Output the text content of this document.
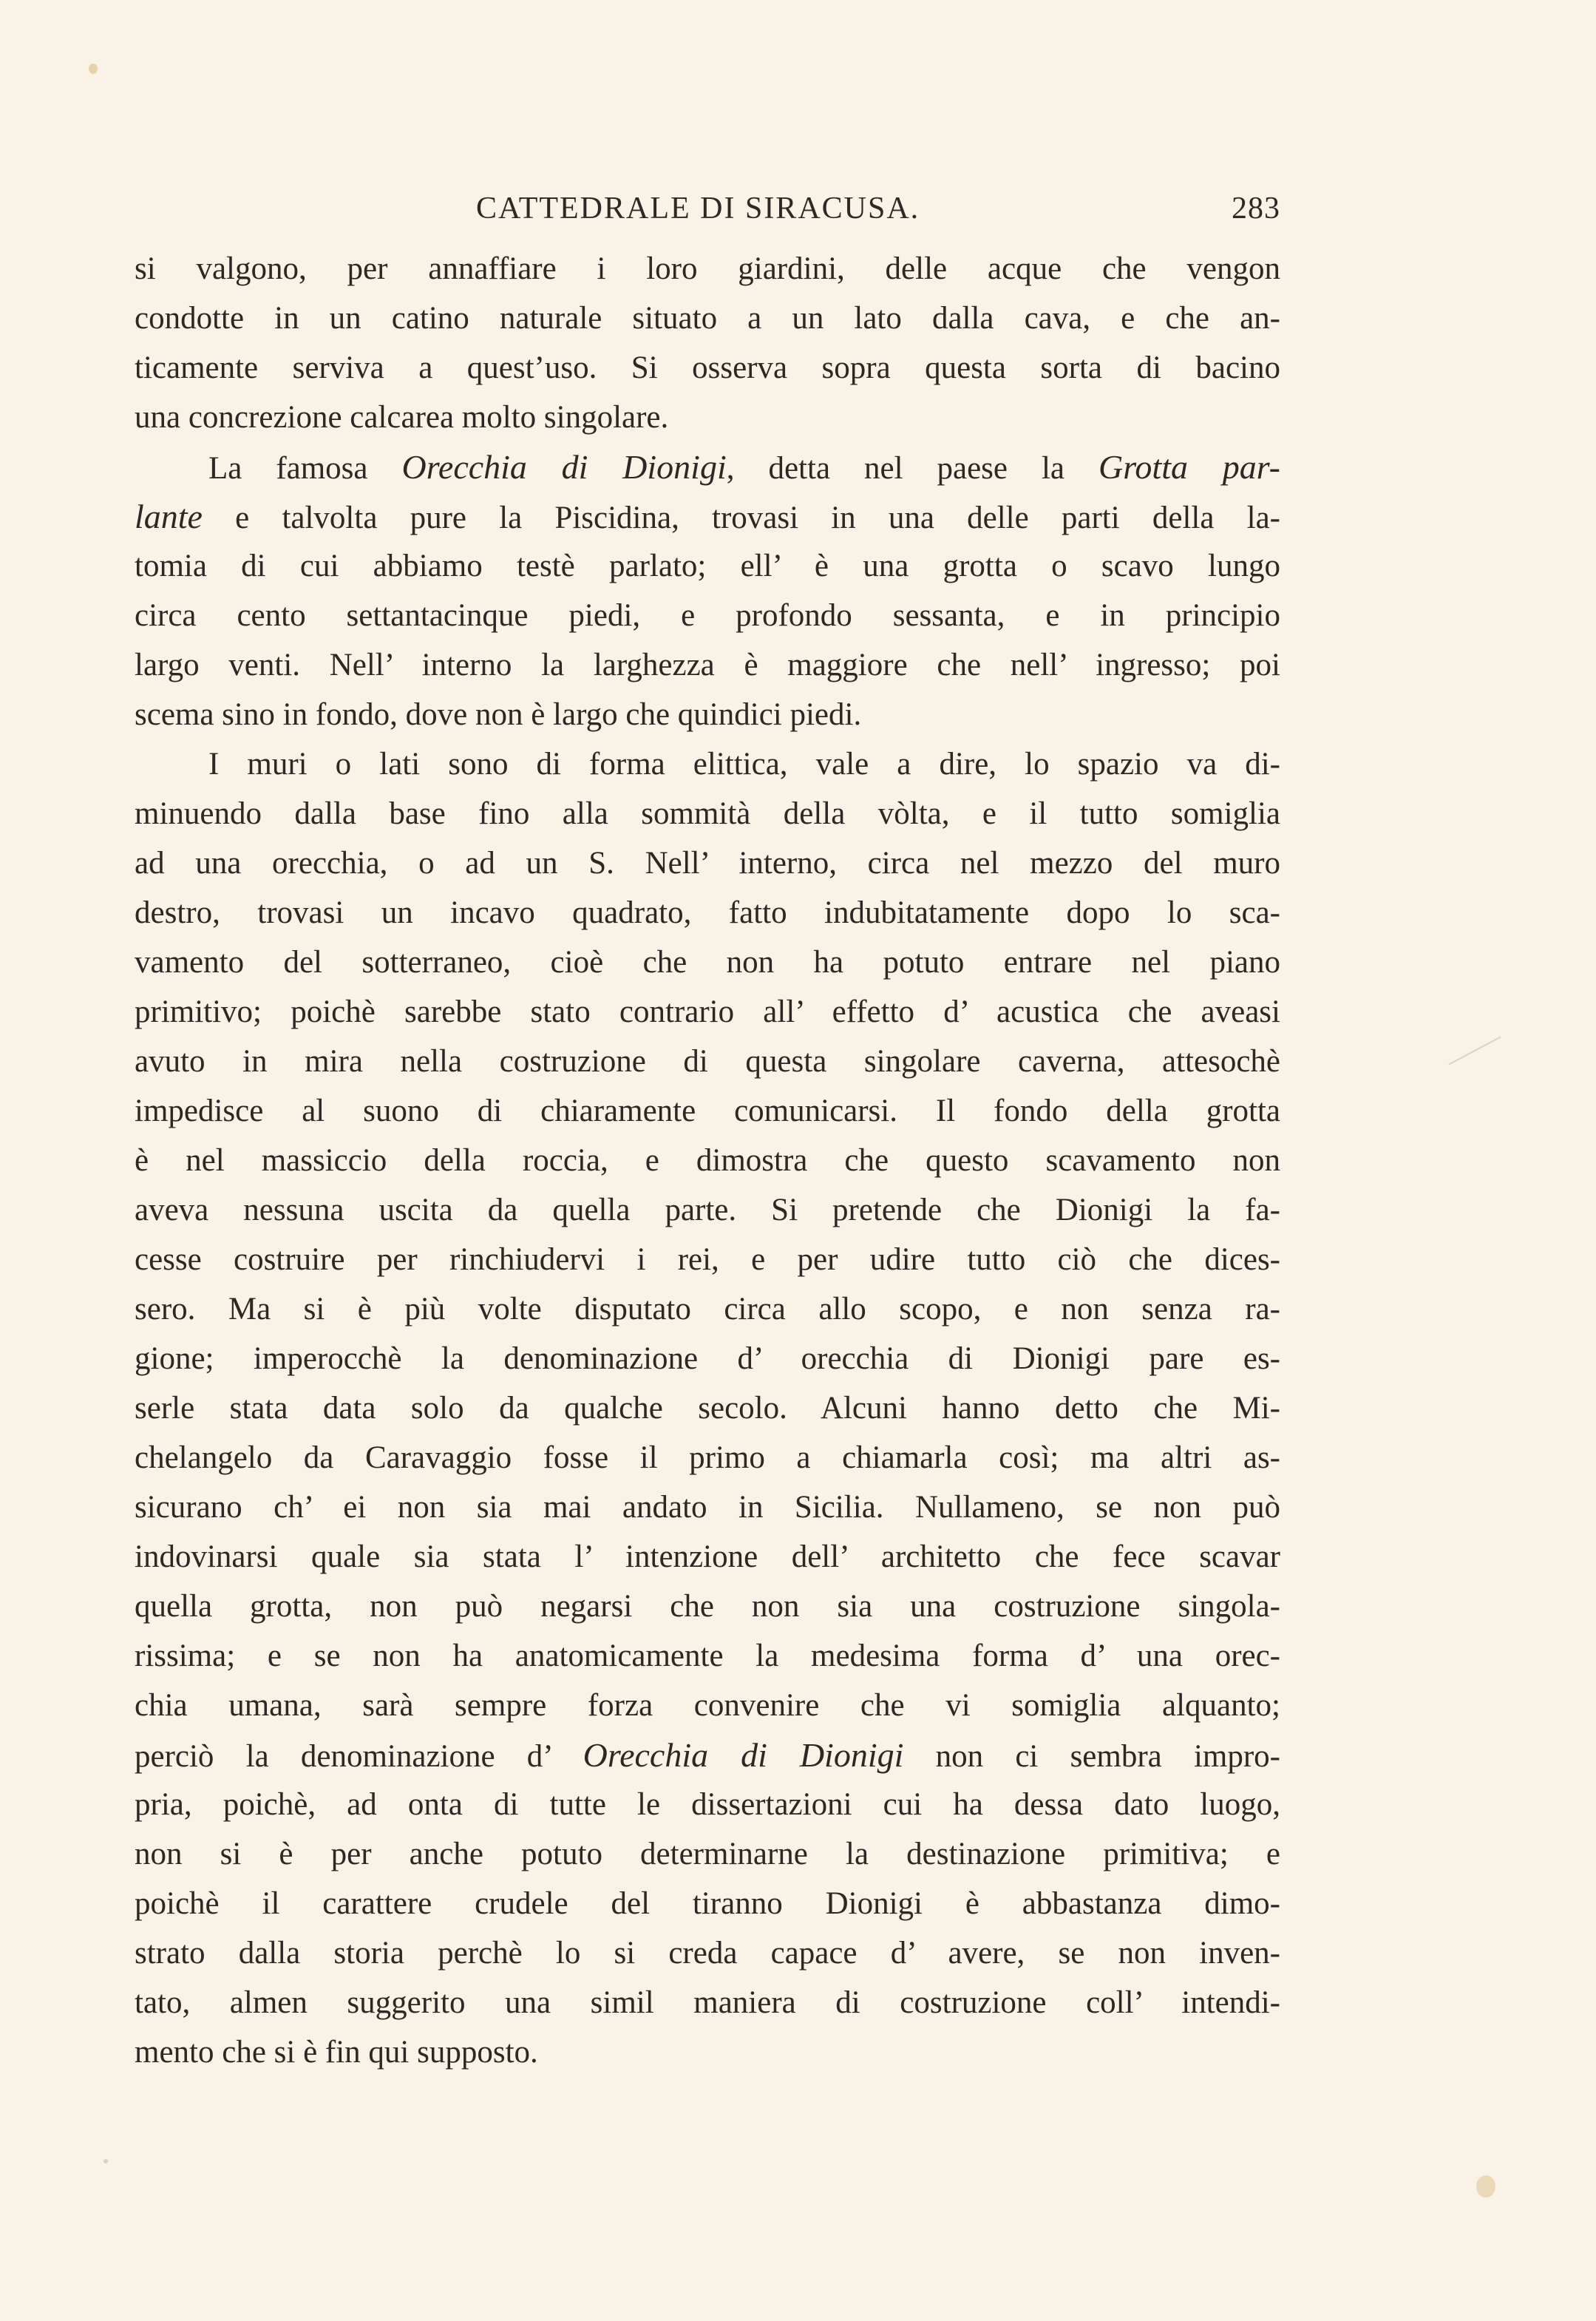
CATTEDRALE DI SIRACUSA.	283
si valgono, per annaffiare i loro giardini, delle acque che vengon
condotte in un catino naturale situato a un lato dalla cava, e che an-
ticamente serviva a quest’uso. Si osserva sopra questa sorta di bacino
una concrezione calcarea molto singolare.
La famosa Orecchia di Dionigi, detta nel paese la Grotta par-
lante e talvolta pure la Piscidina, trovasi in una delle parti della la-
tomia di cui abbiamo testè parlato; ell’ è una grotta o scavo lungo
circa cento settantacinque piedi, e profondo sessanta, e in principio
largo venti. Nell’ interno la larghezza è maggiore che nell’ ingresso; poi
scema sino in fondo, dove non è largo che quindici piedi.
I muri o lati sono di forma elittica, vale a dire, lo spazio va di-
minuendo dalla base fino alla sommità della vòlta, e il tutto somiglia
ad una orecchia, o ad un S. Nell’ interno, circa nel mezzo del muro
destro, trovasi un incavo quadrato, fatto indubitatamente dopo lo sca-
vamento del sotterraneo, cioè che non ha potuto entrare nel piano
primitivo; poichè sarebbe stato contrario all’ effetto d’ acustica che aveasi
avuto in mira nella costruzione di questa singolare caverna, attesochè
impedisce al suono di chiaramente comunicarsi. Il fondo della grotta
è nel massiccio della roccia, e dimostra che questo scavamento non
aveva nessuna uscita da quella parte. Si pretende che Dionigi la fa-
cesse costruire per rinchiudervi i rei, e per udire tutto ciò che dices-
sero. Ma si è più volte disputato circa allo scopo, e non senza ra-
gione; imperocchè la denominazione d’ orecchia di Dionigi pare es-
serle stata data solo da qualche secolo. Alcuni hanno detto che Mi-
chelangelo da Caravaggio fosse il primo a chiamarla così; ma altri as-
sicurano ch’ ei non sia mai andato in Sicilia. Nullameno, se non può
indovinarsi quale sia stata l’ intenzione dell’ architetto che fece scavar
quella grotta, non può negarsi che non sia una costruzione singola-
rissima; e se non ha anatomicamente la medesima forma d’ una orec-
chia umana, sarà sempre forza convenire che vi somiglia alquanto;
perciò la denominazione d’ Orecchia di Dionigi non ci sembra impro-
pria, poichè, ad onta di tutte le dissertazioni cui ha dessa dato luogo,
non si è per anche potuto determinarne la destinazione primitiva; e
poichè il carattere crudele del tiranno Dionigi è abbastanza dimo-
strato dalla storia perchè lo si creda capace d’ avere, se non inven-
tato, almen suggerito una simil maniera di costruzione coll’ intendi-
mento che si è fin qui supposto.
